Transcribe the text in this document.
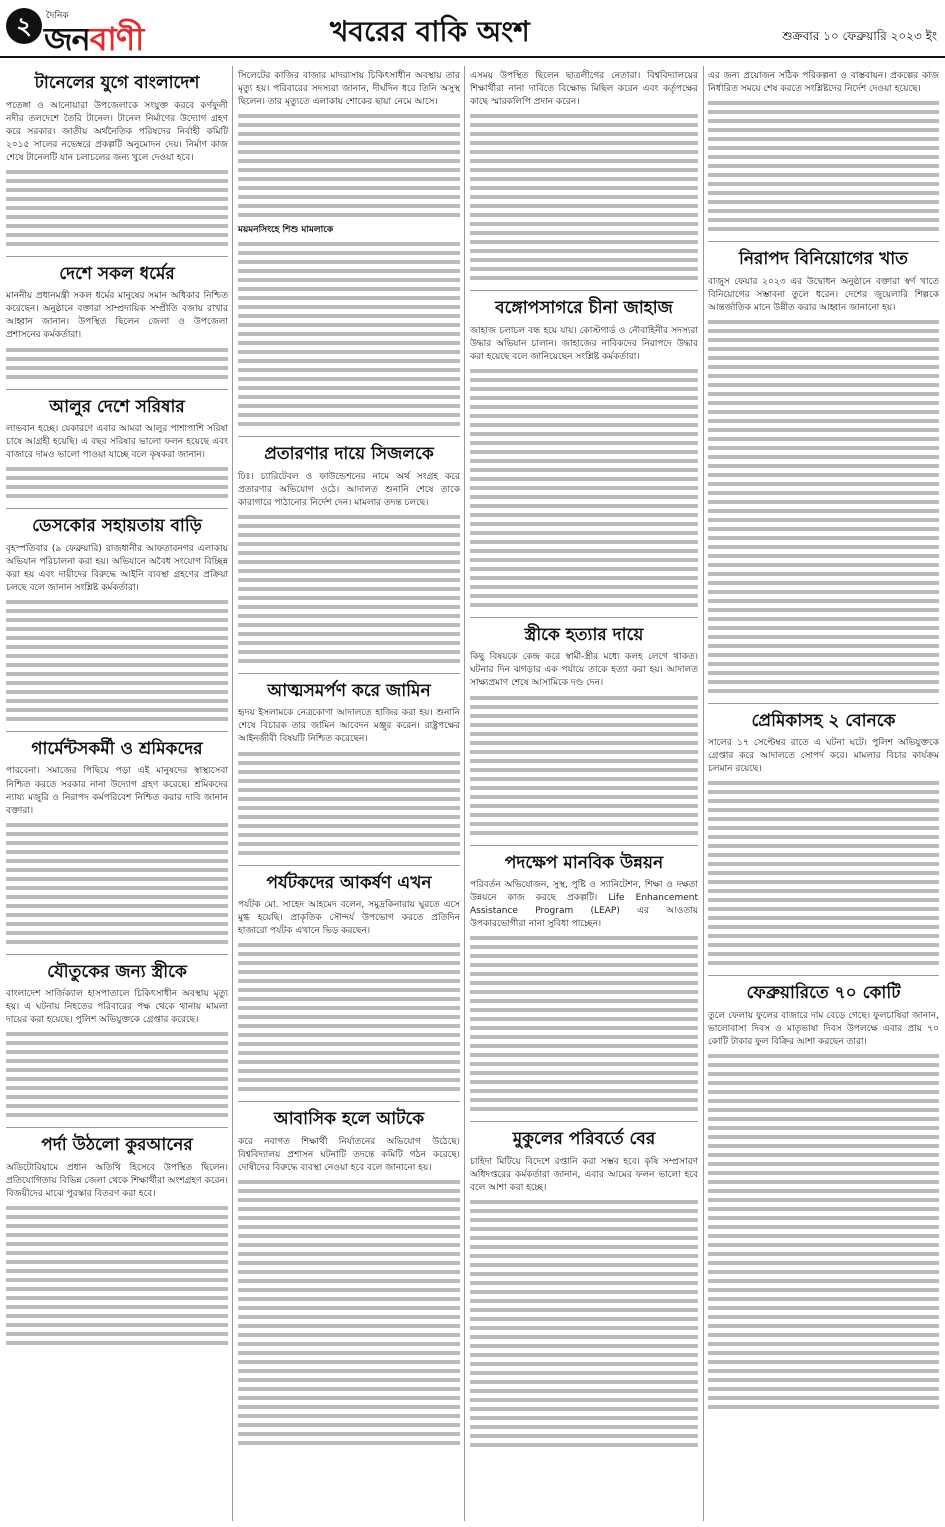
২	দৈনিক
জনবাণী	খবরের বাকি অংশ	শুক্রবার ১০ ফেব্রুয়ারি ২০২৩ ইং
টানেলের যুগে বাংলাদেশ
পতেঙ্গা ও আনোয়ারা উপজেলাকে সংযুক্ত করবে কর্ণফুলী নদীর তলদেশে তৈরি টানেল। টানেল নির্মাণের উদ্যোগ গ্রহণ করে সরকার। জাতীয় অর্থনৈতিক পরিষদের নির্বাহী কমিটি ২০১৫ সালের নভেম্বরে প্রকল্পটি অনুমোদন দেয়। নির্মাণ কাজ শেষে টানেলটি যান চলাচলের জন্য খুলে দেওয়া হবে।
দেশে সকল ধর্মের
মাননীয় প্রধানমন্ত্রী সকল ধর্মের মানুষের সমান অধিকার নিশ্চিত করেছেন। অনুষ্ঠানে বক্তারা সাম্প্রদায়িক সম্প্রীতি বজায় রাখার আহ্বান জানান। উপস্থিত ছিলেন জেলা ও উপজেলা প্রশাসনের কর্মকর্তারা।
আলুর দেশে সরিষার
লাভবান হচ্ছে। যেকারণে এবার আমরা আলুর পাশাপাশি সরিষা চাষে আগ্রহী হয়েছি। এ বছর সরিষার ভালো ফলন হয়েছে এবং বাজারে দামও ভালো পাওয়া যাচ্ছে বলে কৃষকরা জানান।
ডেসকোর সহায়তায় বাড়ি
বৃহস্পতিবার (৯ ফেব্রুয়ারি) রাজধানীর আফতাবনগর এলাকায় অভিযান পরিচালনা করা হয়। অভিযানে অবৈধ সংযোগ বিচ্ছিন্ন করা হয় এবং দায়ীদের বিরুদ্ধে আইনি ব্যবস্থা গ্রহণের প্রক্রিয়া চলছে বলে জানান সংশ্লিষ্ট কর্মকর্তারা।
গার্মেন্টসকর্মী ও শ্রমিকদের
পারবেনা। সমাজের পিছিয়ে পড়া এই মানুষদের স্বাস্থ্যসেবা নিশ্চিত করতে সরকার নানা উদ্যোগ গ্রহণ করেছে। শ্রমিকদের ন্যায্য মজুরি ও নিরাপদ কর্মপরিবেশ নিশ্চিত করার দাবি জানান বক্তারা।
যৌতুকের জন্য স্ত্রীকে
বাংলাদেশ সার্জিক্যাল হাসপাতালে চিকিৎসাধীন অবস্থায় মৃত্যু হয়। এ ঘটনায় নিহতের পরিবারের পক্ষ থেকে থানায় মামলা দায়ের করা হয়েছে। পুলিশ অভিযুক্তকে গ্রেপ্তার করেছে।
পর্দা উঠলো কুরআনের
অডিটোরিয়ামে প্রধান অতিথি হিসেবে উপস্থিত ছিলেন। প্রতিযোগিতায় বিভিন্ন জেলা থেকে শিক্ষার্থীরা অংশগ্রহণ করেন। বিজয়ীদের মাঝে পুরস্কার বিতরণ করা হবে।
সিলেটের কাজির বাজার মাদরাসায় চিকিৎসাধীন অবস্থায় তার মৃত্যু হয়। পরিবারের সদস্যরা জানান, দীর্ঘদিন ধরে তিনি অসুস্থ ছিলেন। তার মৃত্যুতে এলাকায় শোকের ছায়া নেমে আসে।
ময়মনসিংহে শিশু মামলাকে
প্রতারণার দায়ে সিজলকে
ঢিঃ। চ্যারিটেবল ও ফাউন্ডেশনের নামে অর্থ সংগ্রহ করে প্রতারণার অভিযোগ ওঠে। আদালত শুনানি শেষে তাকে কারাগারে পাঠানোর নির্দেশ দেন। মামলার তদন্ত চলছে।
আত্মসমর্পণ করে জামিন
হৃদয় ইসলামকে নেত্রকোণা আদালতে হাজির করা হয়। শুনানি শেষে বিচারক তার জামিন আবেদন মঞ্জুর করেন। রাষ্ট্রপক্ষের আইনজীবী বিষয়টি নিশ্চিত করেছেন।
পর্যটকদের আকর্ষণ এখন
পর্যটক মো. সাহেদ আহমেদ বলেন, সমুদ্রকিনারায় ঘুরতে এসে মুগ্ধ হয়েছি। প্রাকৃতিক সৌন্দর্য উপভোগ করতে প্রতিদিন হাজারো পর্যটক এখানে ভিড় করছেন।
আবাসিক হলে আটকে
করে নবাগত শিক্ষার্থী নির্যাতনের অভিযোগ উঠেছে। বিশ্ববিদ্যালয় প্রশাসন ঘটনাটি তদন্তে কমিটি গঠন করেছে। দোষীদের বিরুদ্ধে ব্যবস্থা নেওয়া হবে বলে জানানো হয়।
এসময় উপস্থিত ছিলেন ছাত্রলীগের নেতারা। বিশ্ববিদ্যালয়ের শিক্ষার্থীরা নানা দাবিতে বিক্ষোভ মিছিল করেন এবং কর্তৃপক্ষের কাছে স্মারকলিপি প্রদান করেন।
বঙ্গোপসাগরে চীনা জাহাজ
জাহাজ চলাচল বন্ধ হয়ে যায়। কোস্টগার্ড ও নৌবাহিনীর সদস্যরা উদ্ধার অভিযান চালান। জাহাজের নাবিকদের নিরাপদে উদ্ধার করা হয়েছে বলে জানিয়েছেন সংশ্লিষ্ট কর্মকর্তারা।
স্ত্রীকে হত্যার দায়ে
কিছু বিষয়কে কেন্দ্র করে স্বামী-স্ত্রীর মধ্যে কলহ লেগে থাকত। ঘটনার দিন ঝগড়ার এক পর্যায়ে তাকে হত্যা করা হয়। আদালত সাক্ষ্যপ্রমাণ শেষে আসামিকে দণ্ড দেন।
পদক্ষেপ মানবিক উন্নয়ন
পরিবর্তন অভিযোজন, সুস্থ, পুষ্টি ও স্যানিটেশন, শিক্ষা ও দক্ষতা উন্নয়নে কাজ করছে প্রকল্পটি। Life Enhancement Assistance Program (LEAP) এর আওতায় উপকারভোগীরা নানা সুবিধা পাচ্ছেন।
মুকুলের পরিবর্তে বের
চাহিদা মিটিয়ে বিদেশে রপ্তানি করা সম্ভব হবে। কৃষি সম্প্রসারণ অধিদপ্তরের কর্মকর্তারা জানান, এবার আমের ফলন ভালো হবে বলে আশা করা হচ্ছে।
এর জন্য প্রয়োজন সঠিক পরিকল্পনা ও বাস্তবায়ন। প্রকল্পের কাজ নির্ধারিত সময়ে শেষ করতে সংশ্লিষ্টদের নির্দেশ দেওয়া হয়েছে।
নিরাপদ বিনিয়োগের খাত
বাজুস ফেয়ার ২০২৩ এর উদ্বোধন অনুষ্ঠানে বক্তারা স্বর্ণ খাতে বিনিয়োগের সম্ভাবনা তুলে ধরেন। দেশের জুয়েলারি শিল্পকে আন্তর্জাতিক মানে উন্নীত করার আহ্বান জানানো হয়।
প্রেমিকাসহ ২ বোনকে
সালের ১৭ সেপ্টেম্বর রাতে এ ঘটনা ঘটে। পুলিশ অভিযুক্তকে গ্রেপ্তার করে আদালতে সোপর্দ করে। মামলার বিচার কার্যক্রম চলমান রয়েছে।
ফেব্রুয়ারিতে ৭০ কোটি
তুলে ফেলায় ফুলের বাজারে দাম বেড়ে গেছে। ফুলচাষিরা জানান, ভালোবাসা দিবস ও মাতৃভাষা দিবস উপলক্ষে এবার প্রায় ৭০ কোটি টাকার ফুল বিক্রির আশা করছেন তারা।
